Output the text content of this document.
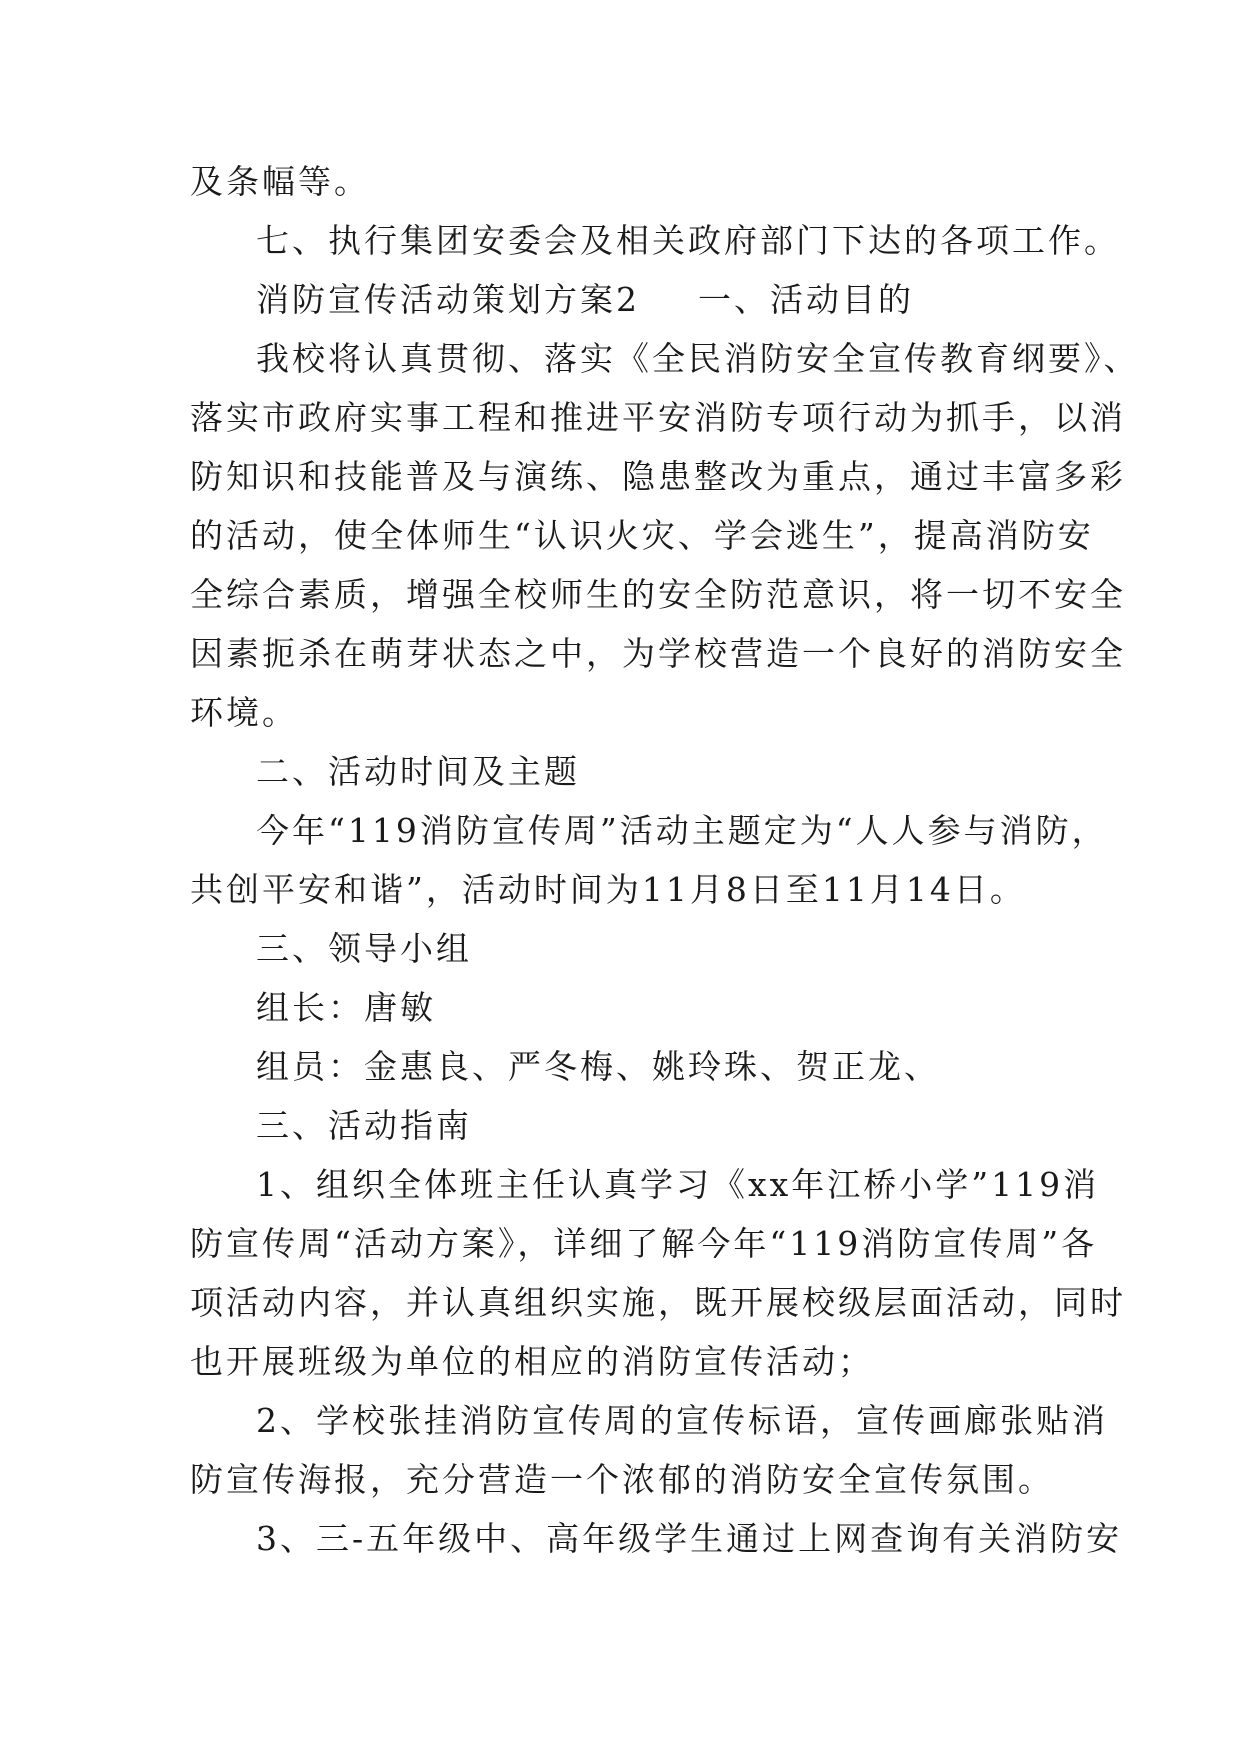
及条幅等。
七、执行集团安委会及相关政府部门下达的各项工作。
消防宣传活动策划方案2 一、活动目的
我校将认真贯彻、落实《全民消防安全宣传教育纲要》、
落实市政府实事工程和推进平安消防专项行动为抓手，以消
防知识和技能普及与演练、隐患整改为重点，通过丰富多彩
的活动，使全体师生“认识火灾、学会逃生”，提高消防安
全综合素质，增强全校师生的安全防范意识，将一切不安全
因素扼杀在萌芽状态之中，为学校营造一个良好的消防安全
环境。
二、活动时间及主题
今年“119消防宣传周”活动主题定为“人人参与消防，
共创平安和谐”，活动时间为11月8日至11月14日。
三、领导小组
组长：唐敏
组员：金惠良、严冬梅、姚玲珠、贺正龙、
三、活动指南
1、组织全体班主任认真学习《xx年江桥小学”119消
防宣传周“活动方案》，详细了解今年“119消防宣传周”各
项活动内容，并认真组织实施，既开展校级层面活动，同时
也开展班级为单位的相应的消防宣传活动；
2、学校张挂消防宣传周的宣传标语，宣传画廊张贴消
防宣传海报，充分营造一个浓郁的消防安全宣传氛围。
3、三-五年级中、高年级学生通过上网查询有关消防安
